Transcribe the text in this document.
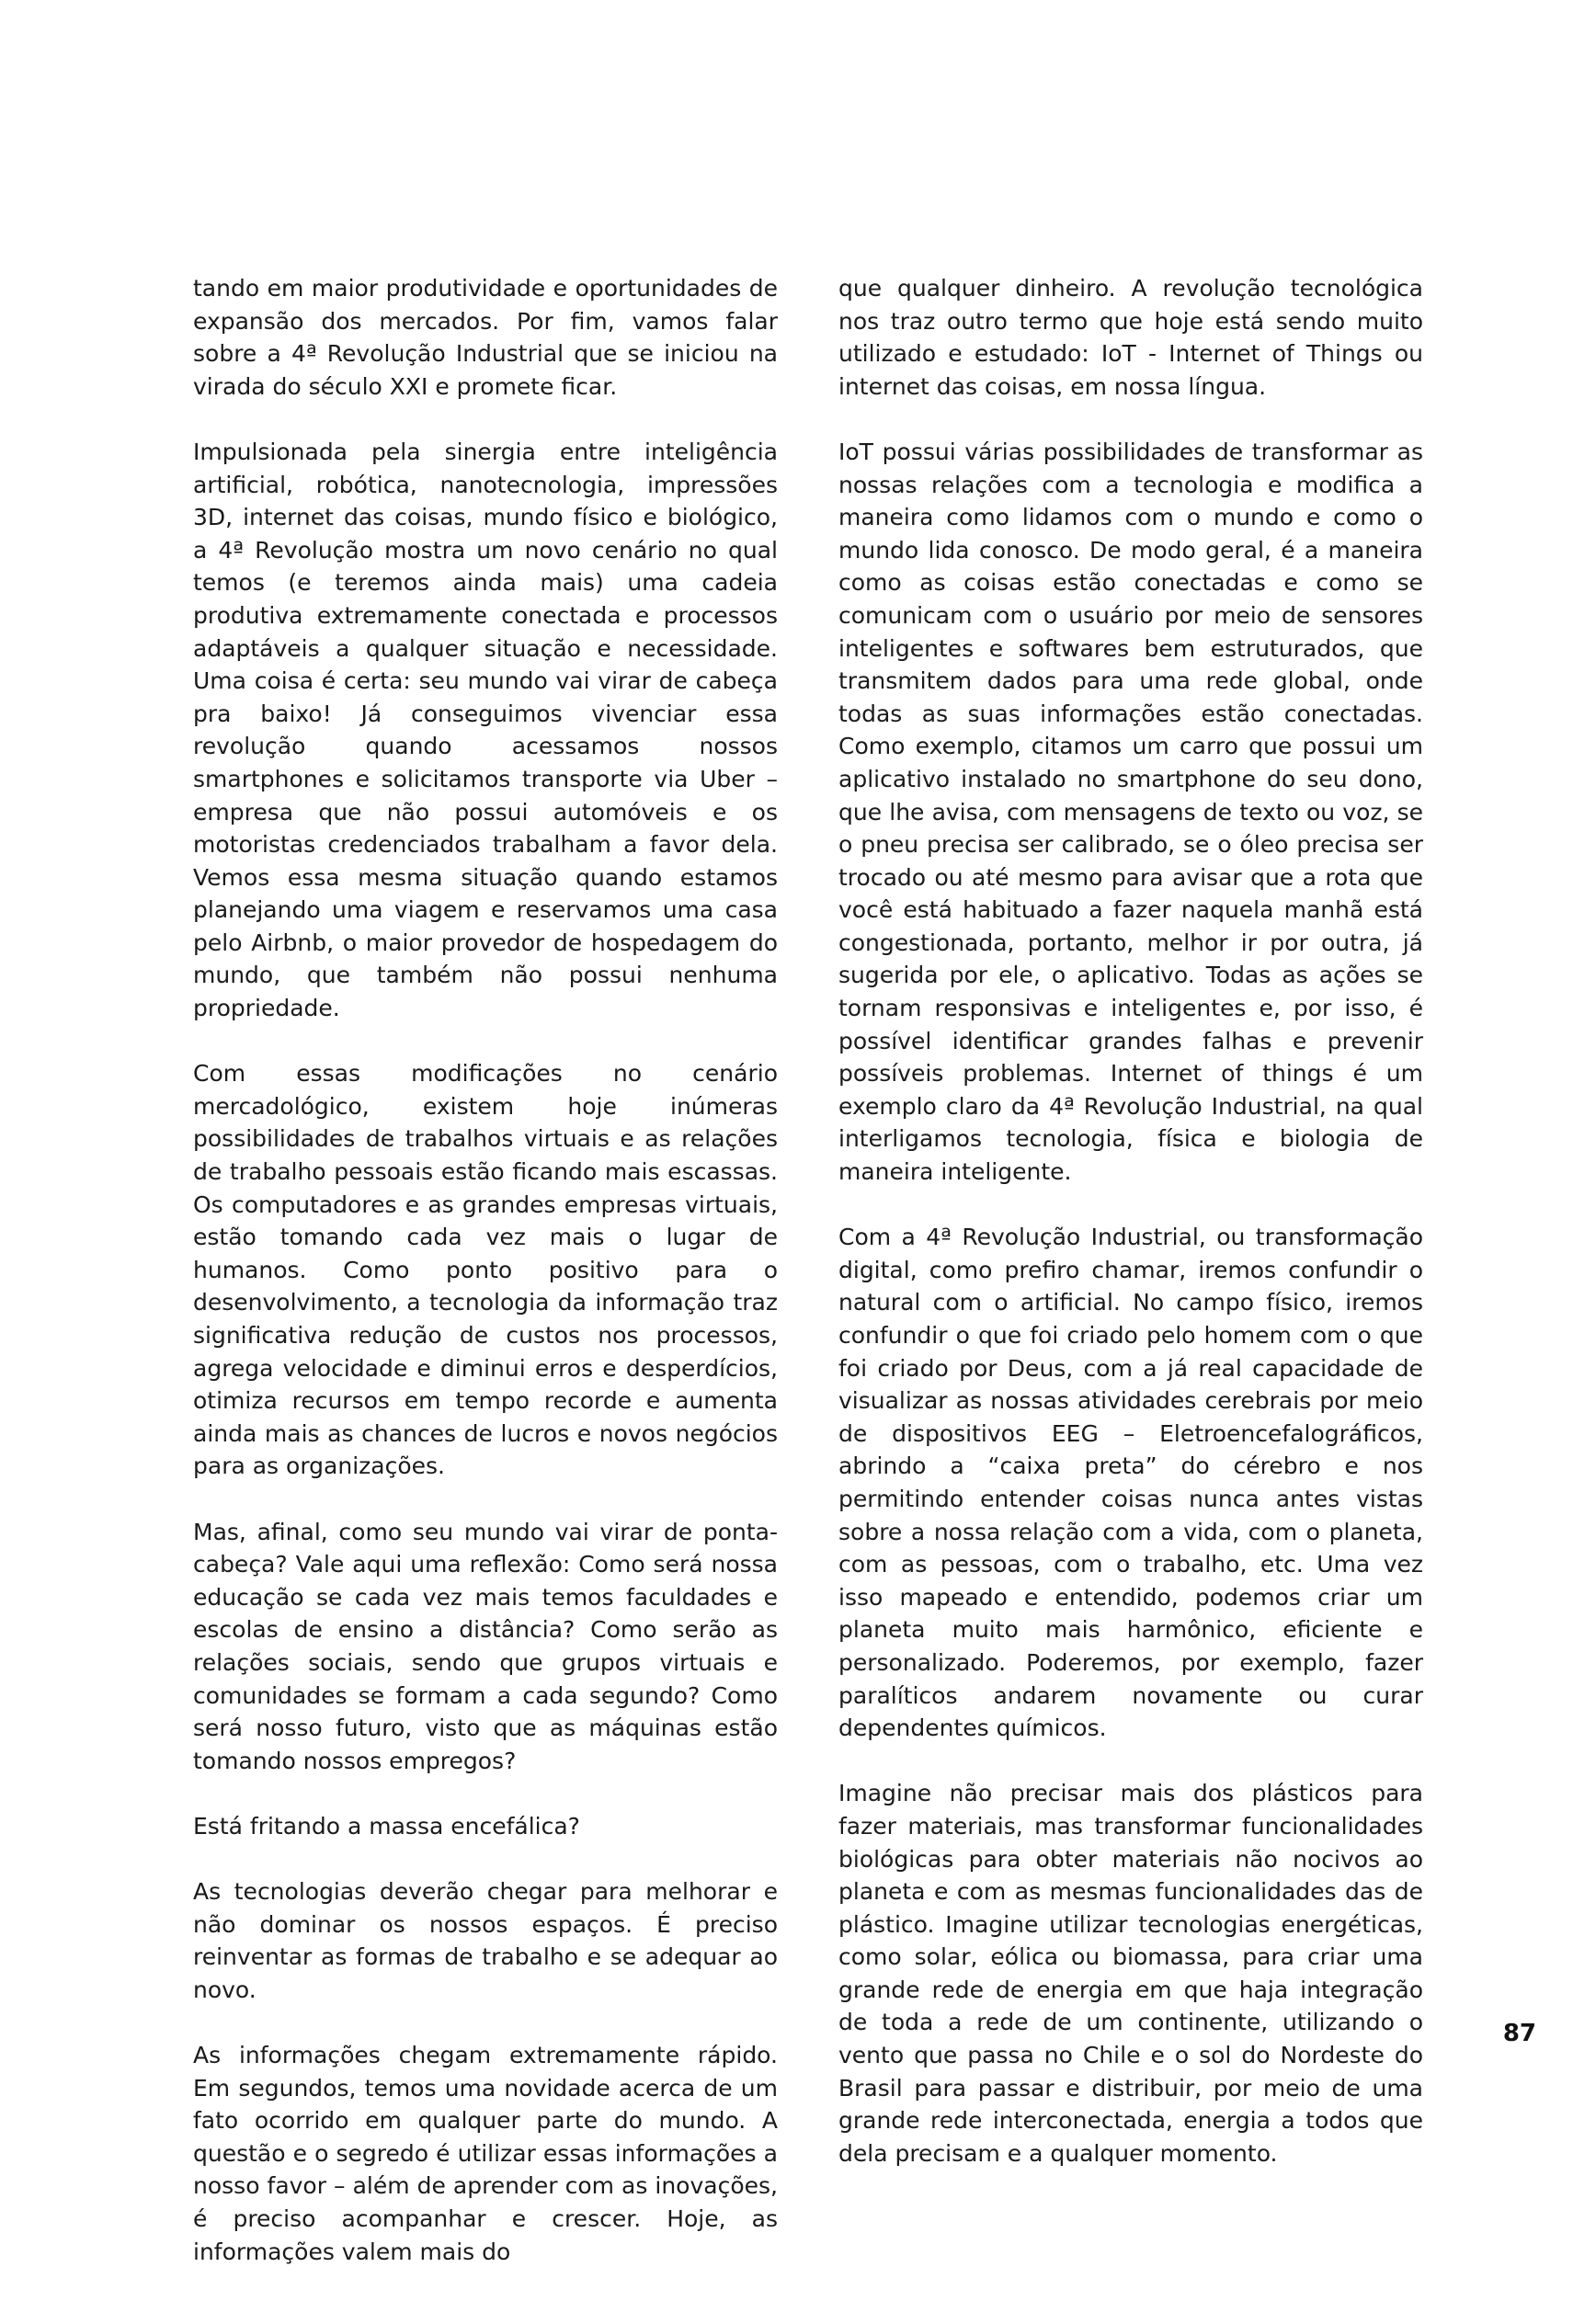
tando em maior produtividade e oportunidades de expansão dos mercados. Por fim, vamos falar sobre a 4ª Revolução Industrial que se iniciou na virada do século XXI e promete ficar.

Impulsionada pela sinergia entre inteligência artificial, robótica, nanotecnologia, impressões 3D, internet das coisas, mundo físico e biológico, a 4ª Revolução mostra um novo cenário no qual temos (e teremos ainda mais) uma cadeia produtiva extremamente conectada e processos adaptáveis a qualquer situação e necessidade. Uma coisa é certa: seu mundo vai virar de cabeça pra baixo! Já conseguimos vivenciar essa revolução quando acessamos nossos smartphones e solicitamos transporte via Uber – empresa que não possui automóveis e os motoristas credenciados trabalham a favor dela. Vemos essa mesma situação quando estamos planejando uma viagem e reservamos uma casa pelo Airbnb, o maior provedor de hospedagem do mundo, que também não possui nenhuma propriedade.

Com essas modificações no cenário mercadológico, existem hoje inúmeras possibilidades de trabalhos virtuais e as relações de trabalho pessoais estão ficando mais escassas. Os computadores e as grandes empresas virtuais, estão tomando cada vez mais o lugar de humanos. Como ponto positivo para o desenvolvimento, a tecnologia da informação traz significativa redução de custos nos processos, agrega velocidade e diminui erros e desperdícios, otimiza recursos em tempo recorde e aumenta ainda mais as chances de lucros e novos negócios para as organizações.

Mas, afinal, como seu mundo vai virar de ponta-cabeça? Vale aqui uma reflexão: Como será nossa educação se cada vez mais temos faculdades e escolas de ensino a distância? Como serão as relações sociais, sendo que grupos virtuais e comunidades se formam a cada segundo? Como será nosso futuro, visto que as máquinas estão tomando nossos empregos?

Está fritando a massa encefálica?

As tecnologias deverão chegar para melhorar e não dominar os nossos espaços. É preciso reinventar as formas de trabalho e se adequar ao novo.

As informações chegam extremamente rápido. Em segundos, temos uma novidade acerca de um fato ocorrido em qualquer parte do mundo. A questão e o segredo é utilizar essas informações a nosso favor – além de aprender com as inovações, é preciso acompanhar e crescer. Hoje, as informações valem mais do

que qualquer dinheiro. A revolução tecnológica nos traz outro termo que hoje está sendo muito utilizado e estudado: IoT - Internet of Things ou internet das coisas, em nossa língua.

IoT possui várias possibilidades de transformar as nossas relações com a tecnologia e modifica a maneira como lidamos com o mundo e como o mundo lida conosco. De modo geral, é a maneira como as coisas estão conectadas e como se comunicam com o usuário por meio de sensores inteligentes e softwares bem estruturados, que transmitem dados para uma rede global, onde todas as suas informações estão conectadas. Como exemplo, citamos um carro que possui um aplicativo instalado no smartphone do seu dono, que lhe avisa, com mensagens de texto ou voz, se o pneu precisa ser calibrado, se o óleo precisa ser trocado ou até mesmo para avisar que a rota que você está habituado a fazer naquela manhã está congestionada, portanto, melhor ir por outra, já sugerida por ele, o aplicativo. Todas as ações se tornam responsivas e inteligentes e, por isso, é possível identificar grandes falhas e prevenir possíveis problemas. Internet of things é um exemplo claro da 4ª Revolução Industrial, na qual interligamos tecnologia, física e biologia de maneira inteligente.

Com a 4ª Revolução Industrial, ou transformação digital, como prefiro chamar, iremos confundir o natural com o artificial. No campo físico, iremos confundir o que foi criado pelo homem com o que foi criado por Deus, com a já real capacidade de visualizar as nossas atividades cerebrais por meio de dispositivos EEG – Eletroencefalográficos, abrindo a “caixa preta” do cérebro e nos permitindo entender coisas nunca antes vistas sobre a nossa relação com a vida, com o planeta, com as pessoas, com o trabalho, etc. Uma vez isso mapeado e entendido, podemos criar um planeta muito mais harmônico, eficiente e personalizado. Poderemos, por exemplo, fazer paralíticos andarem novamente ou curar dependentes químicos.

Imagine não precisar mais dos plásticos para fazer materiais, mas transformar funcionalidades biológicas para obter materiais não nocivos ao planeta e com as mesmas funcionalidades das de plástico. Imagine utilizar tecnologias energéticas, como solar, eólica ou biomassa, para criar uma grande rede de energia em que haja integração de toda a rede de um continente, utilizando o vento que passa no Chile e o sol do Nordeste do Brasil para passar e distribuir, por meio de uma grande rede interconectada, energia a todos que dela precisam e a qualquer momento.

87
